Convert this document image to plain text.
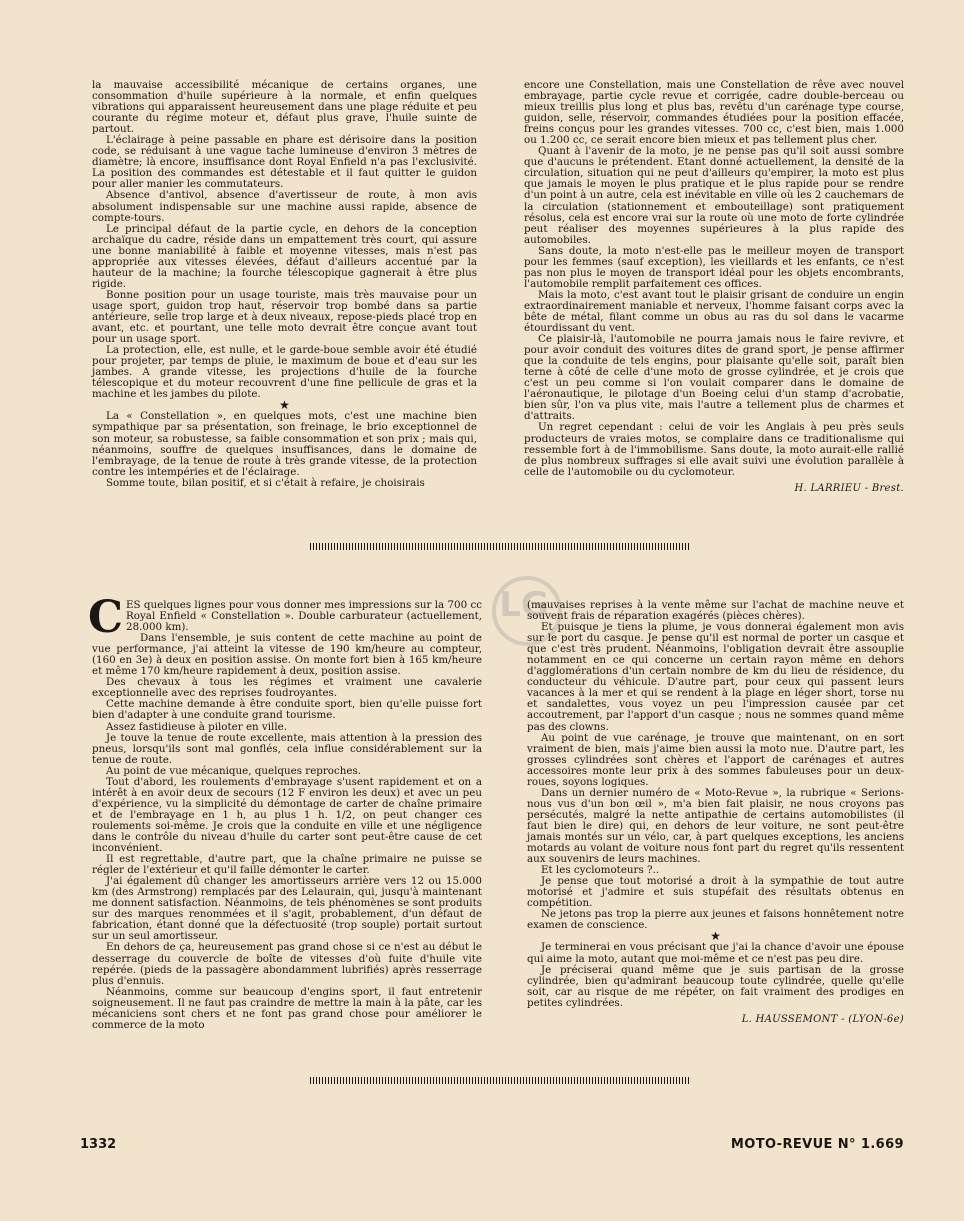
la mauvaise accessibilité mécanique de certains organes, une consommation d'huile supérieure à la normale, et enfin quelques vibrations qui apparaissent heureusement dans une plage réduite et peu courante du régime moteur et, défaut plus grave, l'huile suinte de partout.

L'éclairage à peine passable en phare est dérisoire dans la position code, se réduisant à une vague tache lumineuse d'environ 3 mètres de diamètre; là encore, insuffisance dont Royal Enfield n'a pas l'exclusivité. La position des commandes est détestable et il faut quitter le guidon pour aller manier les commutateurs.

Absence d'antivol, absence d'avertisseur de route, à mon avis absolument indispensable sur une machine aussi rapide, absence de compte-tours.

Le principal défaut de la partie cycle, en dehors de la conception archaïque du cadre, réside dans un empattement très court, qui assure une bonne maniabilité à faible et moyenne vitesses, mais n'est pas appropriée aux vitesses élevées, défaut d'ailleurs accentué par la hauteur de la machine; la fourche télescopique gagnerait à être plus rigide.

Bonne position pour un usage touriste, mais très mauvaise pour un usage sport, guidon trop haut, réservoir trop bombé dans sa partie antérieure, selle trop large et à deux niveaux, repose-pieds placé trop en avant, etc. et pourtant, une telle moto devrait être conçue avant tout pour un usage sport.

La protection, elle, est nulle, et le garde-boue semble avoir été étudié pour projeter, par temps de pluie, le maximum de boue et d'eau sur les jambes. A grande vitesse, les projections d'huile de la fourche télescopique et du moteur recouvrent d'une fine pellicule de gras et la machine et les jambes du pilote.

★

La « Constellation », en quelques mots, c'est une machine bien sympathique par sa présentation, son freinage, le brio exceptionnel de son moteur, sa robustesse, sa faible consommation et son prix ; mais qui, néanmoins, souffre de quelques insuffisances, dans le domaine de l'embrayage, de la tenue de route à très grande vitesse, de la protection contre les intempéries et de l'éclairage.

Somme toute, bilan positif, et si c'était à refaire, je choisirais

encore une Constellation, mais une Constellation de rêve avec nouvel embrayage, partie cycle revue et corrigée, cadre double-berceau ou mieux treillis plus long et plus bas, revêtu d'un carénage type course, guidon, selle, réservoir, commandes étudiées pour la position effacée, freins conçus pour les grandes vitesses. 700 cc, c'est bien, mais 1.000 ou 1.200 cc, ce serait encore bien mieux et pas tellement plus cher.

Quant à l'avenir de la moto, je ne pense pas qu'il soit aussi sombre que d'aucuns le prétendent. Etant donné actuellement, la densité de la circulation, situation qui ne peut d'ailleurs qu'empirer, la moto est plus que jamais le moyen le plus pratique et le plus rapide pour se rendre d'un point à un autre, cela est inévitable en ville où les 2 cauchemars de la circulation (stationnement et embouteillage) sont pratiquement résolus, cela est encore vrai sur la route où une moto de forte cylindrée peut réaliser des moyennes supérieures à la plus rapide des automobiles.

Sans doute, la moto n'est-elle pas le meilleur moyen de transport pour les femmes (sauf exception), les vieillards et les enfants, ce n'est pas non plus le moyen de transport idéal pour les objets encombrants, l'automobile remplit parfaitement ces offices.

Mais la moto, c'est avant tout le plaisir grisant de conduire un engin extraordinairement maniable et nerveux, l'homme faisant corps avec la bête de métal, filant comme un obus au ras du sol dans le vacarme étourdissant du vent.

Ce plaisir-là, l'automobile ne pourra jamais nous le faire revivre, et pour avoir conduit des voitures dites de grand sport, je pense affirmer que la conduite de tels engins, pour plaisante qu'elle soit, paraît bien terne à côté de celle d'une moto de grosse cylindrée, et je crois que c'est un peu comme si l'on voulait comparer dans le domaine de l'aéronautique, le pilotage d'un Boeing celui d'un stamp d'acrobatie, bien sûr, l'on va plus vite, mais l'autre a tellement plus de charmes et d'attraits.

Un regret cependant : celui de voir les Anglais à peu près seuls producteurs de vraies motos, se complaire dans ce traditionalisme qui ressemble fort à de l'immobilisme. Sans doute, la moto aurait-elle rallié de plus nombreux suffrages si elle avait suivi une évolution parallèle à celle de l'automobile ou du cyclomoteur.

H. LARRIEU - Brest.
LG

CES quelques lignes pour vous donner mes impressions sur la 700 cc Royal Enfield « Constellation ». Double carburateur (actuellement, 28.000 km).

Dans l'ensemble, je suis content de cette machine au point de vue performance, j'ai atteint la vitesse de 190 km/heure au compteur, (160 en 3e) à deux en position assise. On monte fort bien à 165 km/heure et même 170 km/heure rapidement à deux, position assise.

Des chevaux à tous les régimes et vraiment une cavalerie exceptionnelle avec des reprises foudroyantes.

Cette machine demande à être conduite sport, bien qu'elle puisse fort bien d'adapter à une conduite grand tourisme.

Assez fastidieuse à piloter en ville.

Je touve la tenue de route excellente, mais attention à la pression des pneus, lorsqu'ils sont mal gonflés, cela influe considérablement sur la tenue de route.

Au point de vue mécanique, quelques reproches.

Tout d'abord, les roulements d'embrayage s'usent rapidement et on a intérêt à en avoir deux de secours (12 F environ les deux) et avec un peu d'expérience, vu la simplicité du démontage de carter de chaîne primaire et de l'embrayage en 1 h, au plus 1 h. 1/2, on peut changer ces roulements soi-même. Je crois que la conduite en ville et une négligence dans le contrôle du niveau d'huile du carter sont peut-être cause de cet inconvénient.

Il est regrettable, d'autre part, que la chaîne primaire ne puisse se régler de l'extérieur et qu'il faille démonter le carter.

J'ai également dû changer les amortisseurs arrière vers 12 ou 15.000 km (des Armstrong) remplacés par des Lelaurain, qui, jusqu'à maintenant me donnent satisfaction. Néanmoins, de tels phénomènes se sont produits sur des marques renommées et il s'agit, probablement, d'un défaut de fabrication, étant donné que la défectuosité (trop souple) portait surtout sur un seul amortisseur.

En dehors de ça, heureusement pas grand chose si ce n'est au début le desserrage du couvercle de boîte de vitesses d'où fuite d'huile vite repérée. (pieds de la passagère abondamment lubrifiés) après resserrage plus d'ennuis.

Néanmoins, comme sur beaucoup d'engins sport, il faut entretenir soigneusement. Il ne faut pas craindre de mettre la main à la pâte, car les mécaniciens sont chers et ne font pas grand chose pour améliorer le commerce de la moto

(mauvaises reprises à la vente même sur l'achat de machine neuve et souvent frais de réparation exagérés (pièces chères).

Et puisque je tiens la plume, je vous donnerai également mon avis sur le port du casque. Je pense qu'il est normal de porter un casque et que c'est très prudent. Néanmoins, l'obligation devrait être assouplie notamment en ce qui concerne un certain rayon même en dehors d'agglomérations d'un certain nombre de km du lieu de résidence, du conducteur du véhicule. D'autre part, pour ceux qui passent leurs vacances à la mer et qui se rendent à la plage en léger short, torse nu et sandalettes, vous voyez un peu l'impression causée par cet accoutrement, par l'apport d'un casque ; nous ne sommes quand même pas des clowns.

Au point de vue carénage, je trouve que maintenant, on en sort vraiment de bien, mais j'aime bien aussi la moto nue. D'autre part, les grosses cylindrées sont chères et l'apport de carénages et autres accessoires monte leur prix à des sommes fabuleuses pour un deux-roues, soyons logiques.

Dans un dernier numéro de « Moto-Revue », la rubrique « Serions-nous vus d'un bon œil », m'a bien fait plaisir, ne nous croyons pas persécutés, malgré la nette antipathie de certains automobilistes (il faut bien le dire) qui, en dehors de leur voiture, ne sont peut-être jamais montés sur un vélo, car, à part quelques exceptions, les anciens motards au volant de voiture nous font part du regret qu'ils ressentent aux souvenirs de leurs machines.

Et les cyclomoteurs ?..

Je pense que tout motorisé a droit à la sympathie de tout autre motorisé et j'admire et suis stupéfait des résultats obtenus en compétition.

Ne jetons pas trop la pierre aux jeunes et faisons honnêtement notre examen de conscience.

★

Je terminerai en vous précisant que j'ai la chance d'avoir une épouse qui aime la moto, autant que moi-même et ce n'est pas peu dire.

Je préciserai quand même que je suis partisan de la grosse cylindrée, bien qu'admirant beaucoup toute cylindrée, quelle qu'elle soit, car au risque de me répéter, on fait vraiment des prodiges en petites cylindrées.

L. HAUSSEMONT - (LYON-6e)
1332	MOTO-REVUE N° 1.669
